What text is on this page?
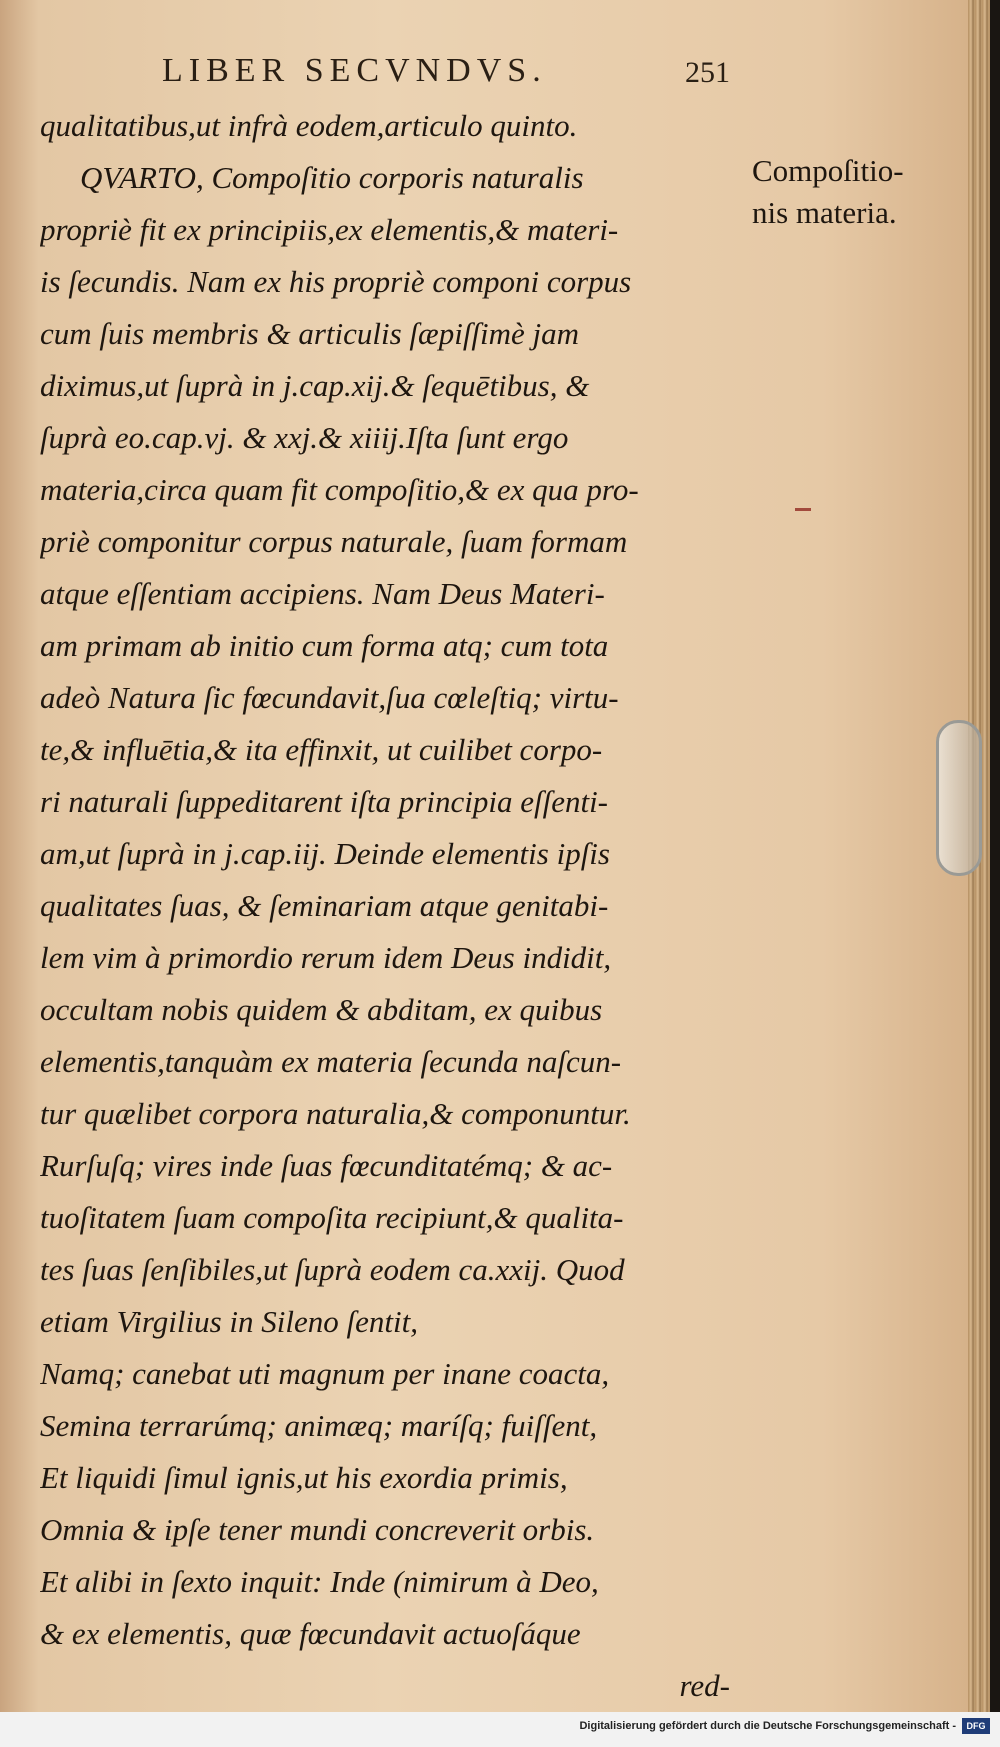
LIBER SECVNDVS.	251
qualitatibus,ut infrà eodem,articulo quinto.
QVARTO, Compoſitio corporis naturalis
propriè fit ex principiis,ex elementis,& materi-
is ſecundis. Nam ex his propriè componi corpus
cum ſuis membris & articulis ſæpiſſimè jam
diximus,ut ſuprà in j.cap.xij.& ſequētibus, &
ſuprà eo.cap.vj. & xxj.& xiiij.Iſta ſunt ergo
materia,circa quam fit compoſitio,& ex qua pro-
priè componitur corpus naturale, ſuam formam
atque eſſentiam accipiens. Nam Deus Materi-
am primam ab initio cum forma atq; cum tota
adeò Natura ſic fœcundavit,ſua cœleſtiq; virtu-
te,& influētia,& ita effinxit, ut cuilibet corpo-
ri naturali ſuppeditarent iſta principia eſſenti-
am,ut ſuprà in j.cap.iij. Deinde elementis ipſis
qualitates ſuas, & ſeminariam atque genitabi-
lem vim à primordio rerum idem Deus indidit,
occultam nobis quidem & abditam, ex quibus
elementis,tanquàm ex materia ſecunda naſcun-
tur quælibet corpora naturalia,& componuntur.
Rurſuſq; vires inde ſuas fœcunditatémq; & ac-
tuoſitatem ſuam compoſita recipiunt,& qualita-
tes ſuas ſenſibiles,ut ſuprà eodem ca.xxij. Quod
etiam Virgilius in Sileno ſentit,
Namq; canebat uti magnum per inane coacta,
Semina terrarúmq; animæq; maríſq; fuiſſent,
Et liquidi ſimul ignis,ut his exordia primis,
Omnia & ipſe tener mundi concreverit orbis.
Et alibi in ſexto inquit: Inde (nimirum à Deo,
& ex elementis, quæ fœcundavit actuoſáque
red-
Compoſitio-
nis materia.
Digitalisierung gefördert durch die Deutsche Forschungsgemeinschaft -	DFG
